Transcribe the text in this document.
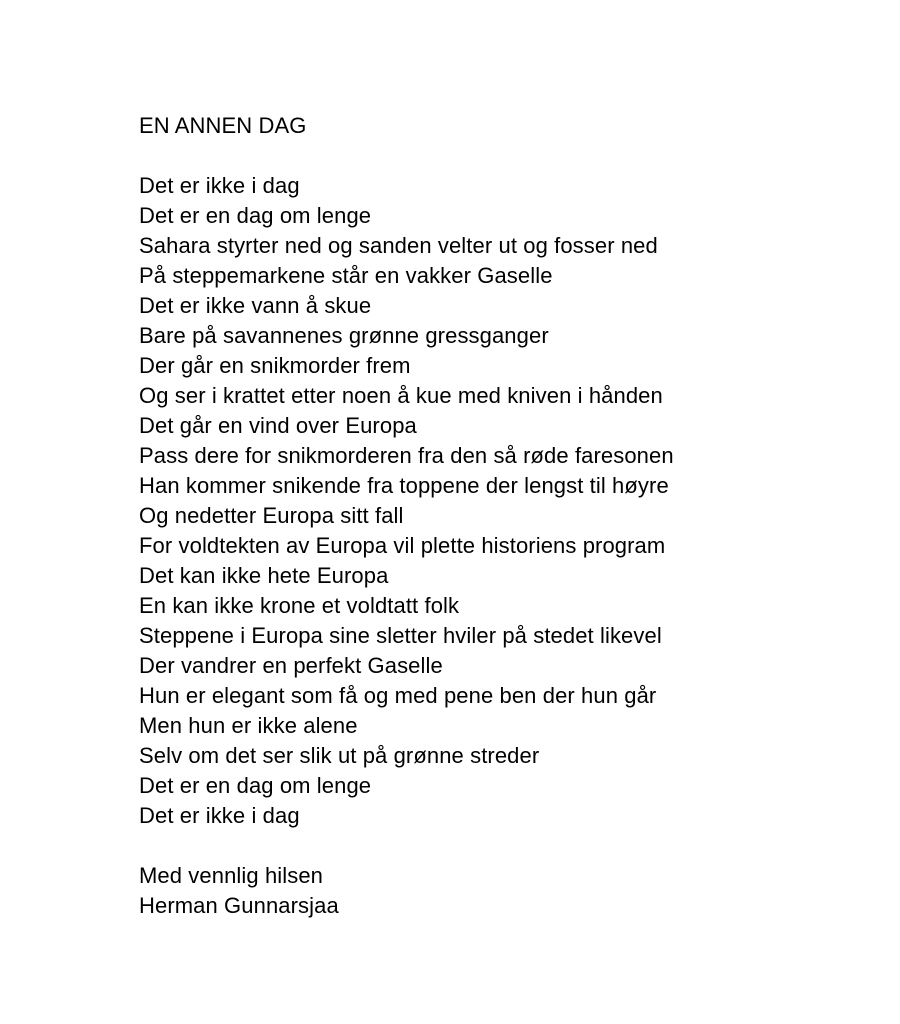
EN ANNEN DAG
Det er ikke i dag
Det er en dag om lenge
Sahara styrter ned og sanden velter ut og fosser ned
På steppemarkene står en vakker Gaselle
Det er ikke vann å skue
Bare på savannenes grønne gressganger
Der går en snikmorder frem
Og ser i krattet etter noen å kue med kniven i hånden
Det går en vind over Europa
Pass dere for snikmorderen fra den så røde faresonen
Han kommer snikende fra toppene der lengst til høyre
Og nedetter Europa sitt fall
For voldtekten av Europa vil plette historiens program
Det kan ikke hete Europa
En kan ikke krone et voldtatt folk
Steppene i Europa sine sletter hviler på stedet likevel
Der vandrer en perfekt Gaselle
Hun er elegant som få og med pene ben der hun går
Men hun er ikke alene
Selv om det ser slik ut på grønne streder
Det er en dag om lenge
Det er ikke i dag
Med vennlig hilsen
Herman Gunnarsjaa
